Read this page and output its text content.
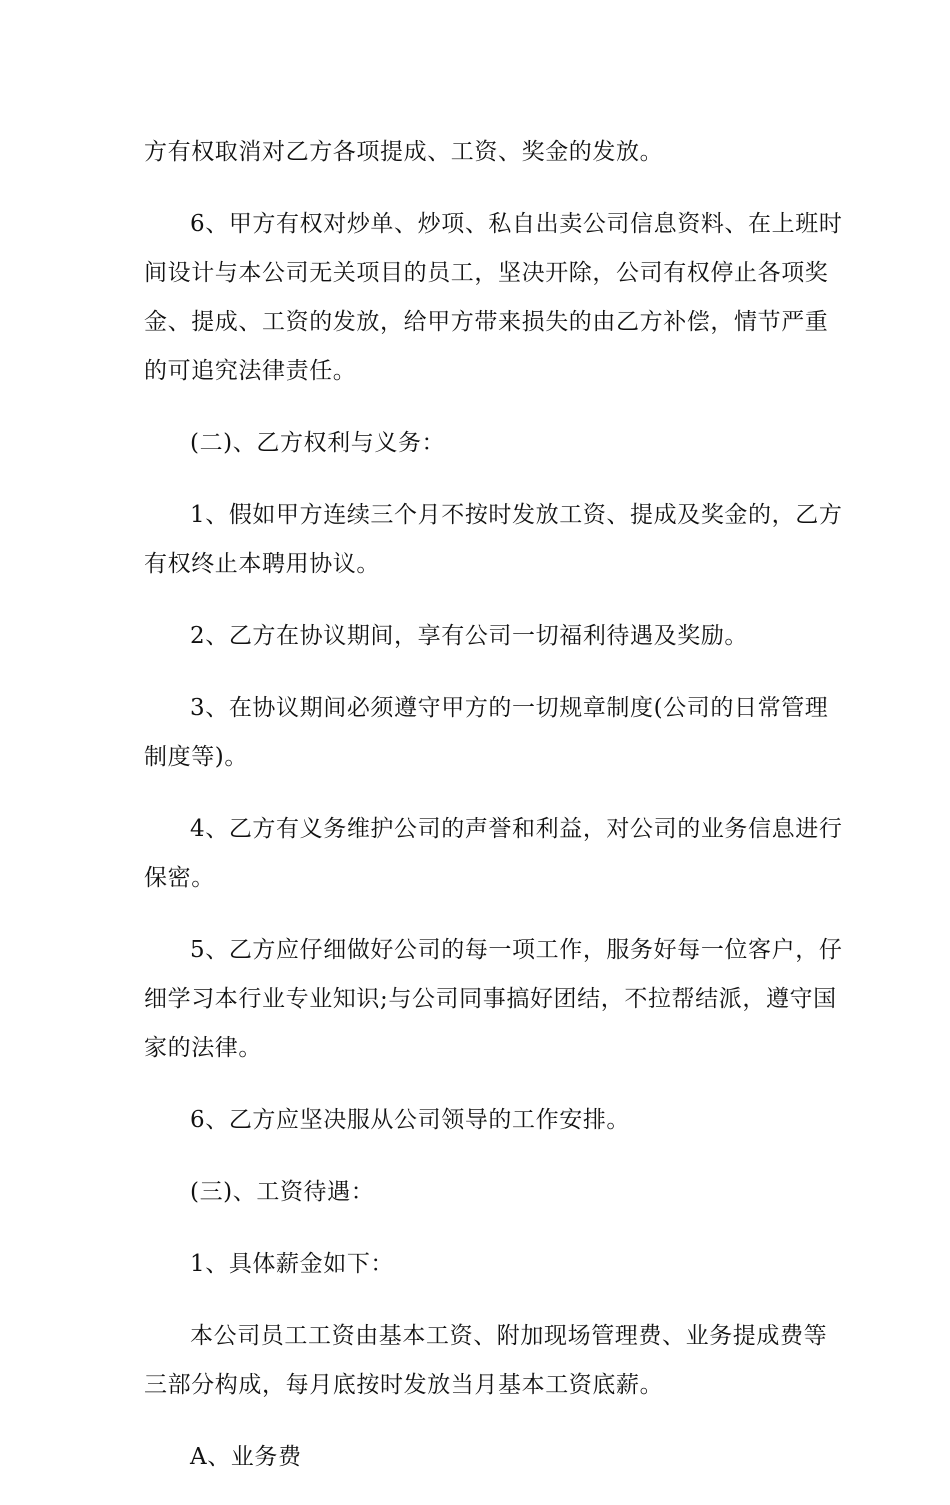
方有权取消对乙方各项提成、工资、奖金的发放。

6、甲方有权对炒单、炒项、私自出卖公司信息资料、在上班时
间设计与本公司无关项目的员工，坚决开除，公司有权停止各项奖
金、提成、工资的发放，给甲方带来损失的由乙方补偿，情节严重
的可追究法律责任。

(二)、乙方权利与义务：

1、假如甲方连续三个月不按时发放工资、提成及奖金的，乙方
有权终止本聘用协议。

2、乙方在协议期间，享有公司一切福利待遇及奖励。

3、在协议期间必须遵守甲方的一切规章制度(公司的日常管理
制度等)。

4、乙方有义务维护公司的声誉和利益，对公司的业务信息进行
保密。

5、乙方应仔细做好公司的每一项工作，服务好每一位客户，仔
细学习本行业专业知识;与公司同事搞好团结，不拉帮结派，遵守国
家的法律。

6、乙方应坚决服从公司领导的工作安排。

(三)、工资待遇：

1、具体薪金如下：

本公司员工工资由基本工资、附加现场管理费、业务提成费等
三部分构成，每月底按时发放当月基本工资底薪。

A、业务费
